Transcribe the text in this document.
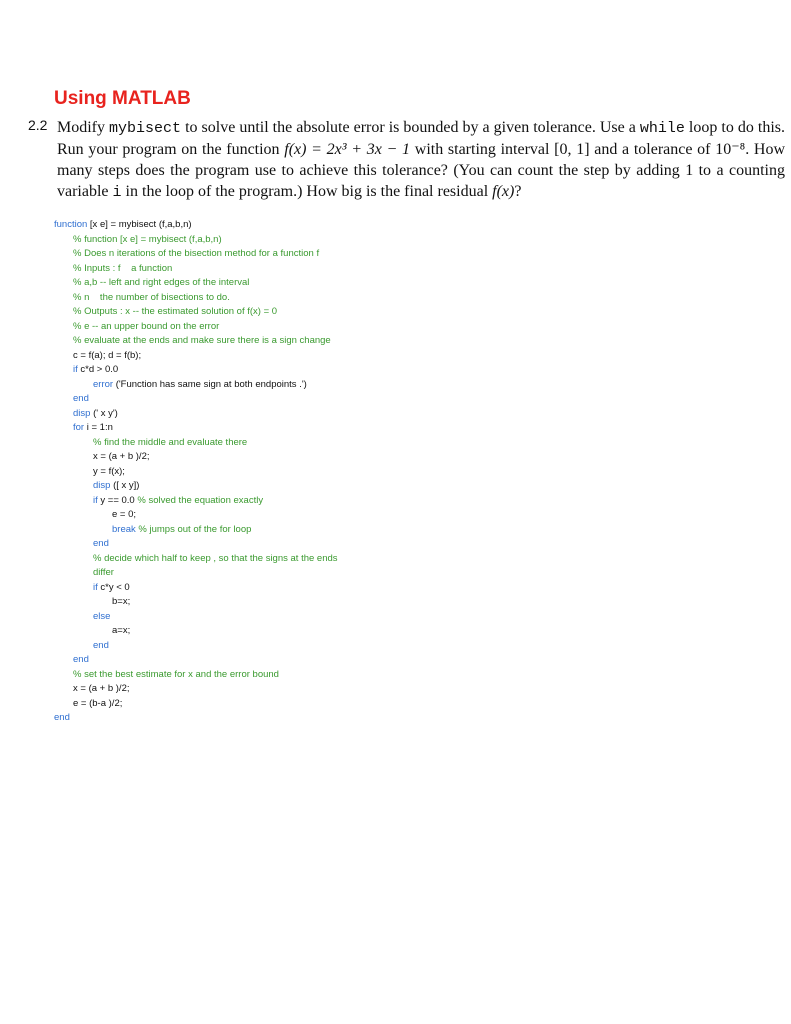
Using MATLAB
2.2 Modify mybisect to solve until the absolute error is bounded by a given tolerance. Use a while loop to do this. Run your program on the function f(x) = 2x³ + 3x − 1 with starting interval [0, 1] and a tolerance of 10⁻⁸. How many steps does the program use to achieve this tolerance? (You can count the step by adding 1 to a counting variable i in the loop of the program.) How big is the final residual f(x)?
function [x e] = mybisect (f,a,b,n)
% function [x e] = mybisect (f,a,b,n)
% Does n iterations of the bisection method for a function f
% Inputs : f    a function
% a,b -- left and right edges of the interval
% n    the number of bisections to do.
% Outputs : x -- the estimated solution of f(x) = 0
% e -- an upper bound on the error
% evaluate at the ends and make sure there is a sign change
c = f(a); d = f(b);
if c*d > 0.0
error ('Function has same sign at both endpoints .')
end
disp (' x y')
for i = 1:n
% find the middle and evaluate there
x = (a + b )/2;
y = f(x);
disp ([ x y])
if y == 0.0 % solved the equation exactly
e = 0;
break % jumps out of the for loop
end
% decide which half to keep , so that the signs at the ends
differ
if c*y < 0
b=x;
else
a=x;
end
end
% set the best estimate for x and the error bound
x = (a + b )/2;
e = (b-a )/2;
end
